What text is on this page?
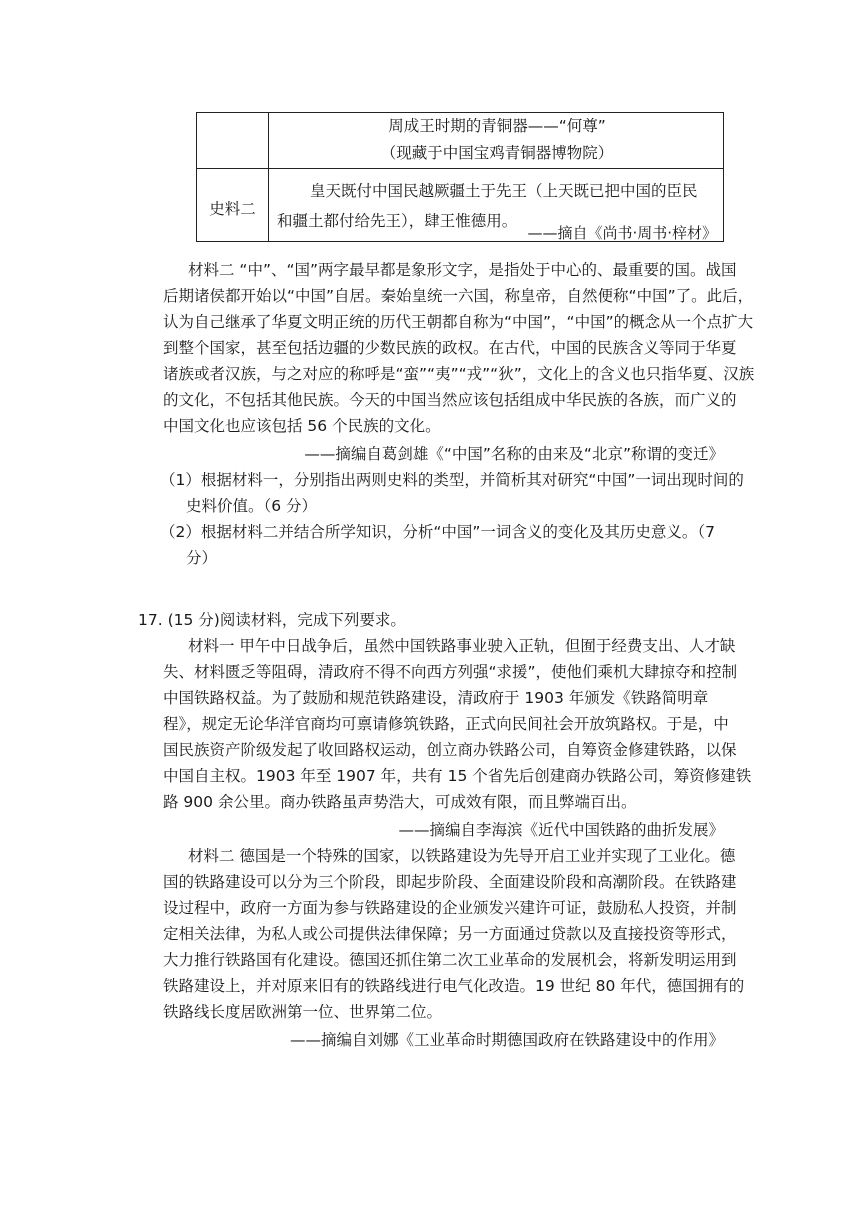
周成王时期的青铜器——“何尊”
（现藏于中国宝鸡青铜器博物院）
史料二
皇天既付中国民越厥疆土于先王（上天既已把中国的臣民
和疆土都付给先王），肆王惟德用。
——摘自《尚书·周书·梓材》
材料二 “中”、“国”两字最早都是象形文字，是指处于中心的、最重要的国。战国
后期诸侯都开始以“中国”自居。秦始皇统一六国，称皇帝，自然便称“中国”了。此后，
认为自己继承了华夏文明正统的历代王朝都自称为“中国”，“中国”的概念从一个点扩大
到整个国家，甚至包括边疆的少数民族的政权。在古代，中国的民族含义等同于华夏
诸族或者汉族，与之对应的称呼是“蛮”“夷”“戎”“狄”，文化上的含义也只指华夏、汉族
的文化，不包括其他民族。今天的中国当然应该包括组成中华民族的各族，而广义的
中国文化也应该包括 56 个民族的文化。
——摘编自葛剑雄《“中国”名称的由来及“北京”称谓的变迁》
（1）根据材料一，分别指出两则史料的类型，并简析其对研究“中国”一词出现时间的
史料价值。（6 分）
（2）根据材料二并结合所学知识，分析“中国”一词含义的变化及其历史意义。（7
分）
17. (15 分)阅读材料，完成下列要求。
材料一 甲午中日战争后，虽然中国铁路事业驶入正轨，但囿于经费支出、人才缺
失、材料匮乏等阻碍，清政府不得不向西方列强“求援”，使他们乘机大肆掠夺和控制
中国铁路权益。为了鼓励和规范铁路建设，清政府于 1903 年颁发《铁路简明章
程》，规定无论华洋官商均可禀请修筑铁路，正式向民间社会开放筑路权。于是，中
国民族资产阶级发起了收回路权运动，创立商办铁路公司，自筹资金修建铁路，以保
中国自主权。1903 年至 1907 年，共有 15 个省先后创建商办铁路公司，筹资修建铁
路 900 余公里。商办铁路虽声势浩大，可成效有限，而且弊端百出。
——摘编自李海滨《近代中国铁路的曲折发展》
材料二 德国是一个特殊的国家，以铁路建设为先导开启工业并实现了工业化。德
国的铁路建设可以分为三个阶段，即起步阶段、全面建设阶段和高潮阶段。在铁路建
设过程中，政府一方面为参与铁路建设的企业颁发兴建许可证，鼓励私人投资，并制
定相关法律，为私人或公司提供法律保障；另一方面通过贷款以及直接投资等形式，
大力推行铁路国有化建设。德国还抓住第二次工业革命的发展机会，将新发明运用到
铁路建设上，并对原来旧有的铁路线进行电气化改造。19 世纪 80 年代，德国拥有的
铁路线长度居欧洲第一位、世界第二位。
——摘编自刘娜《工业革命时期德国政府在铁路建设中的作用》
